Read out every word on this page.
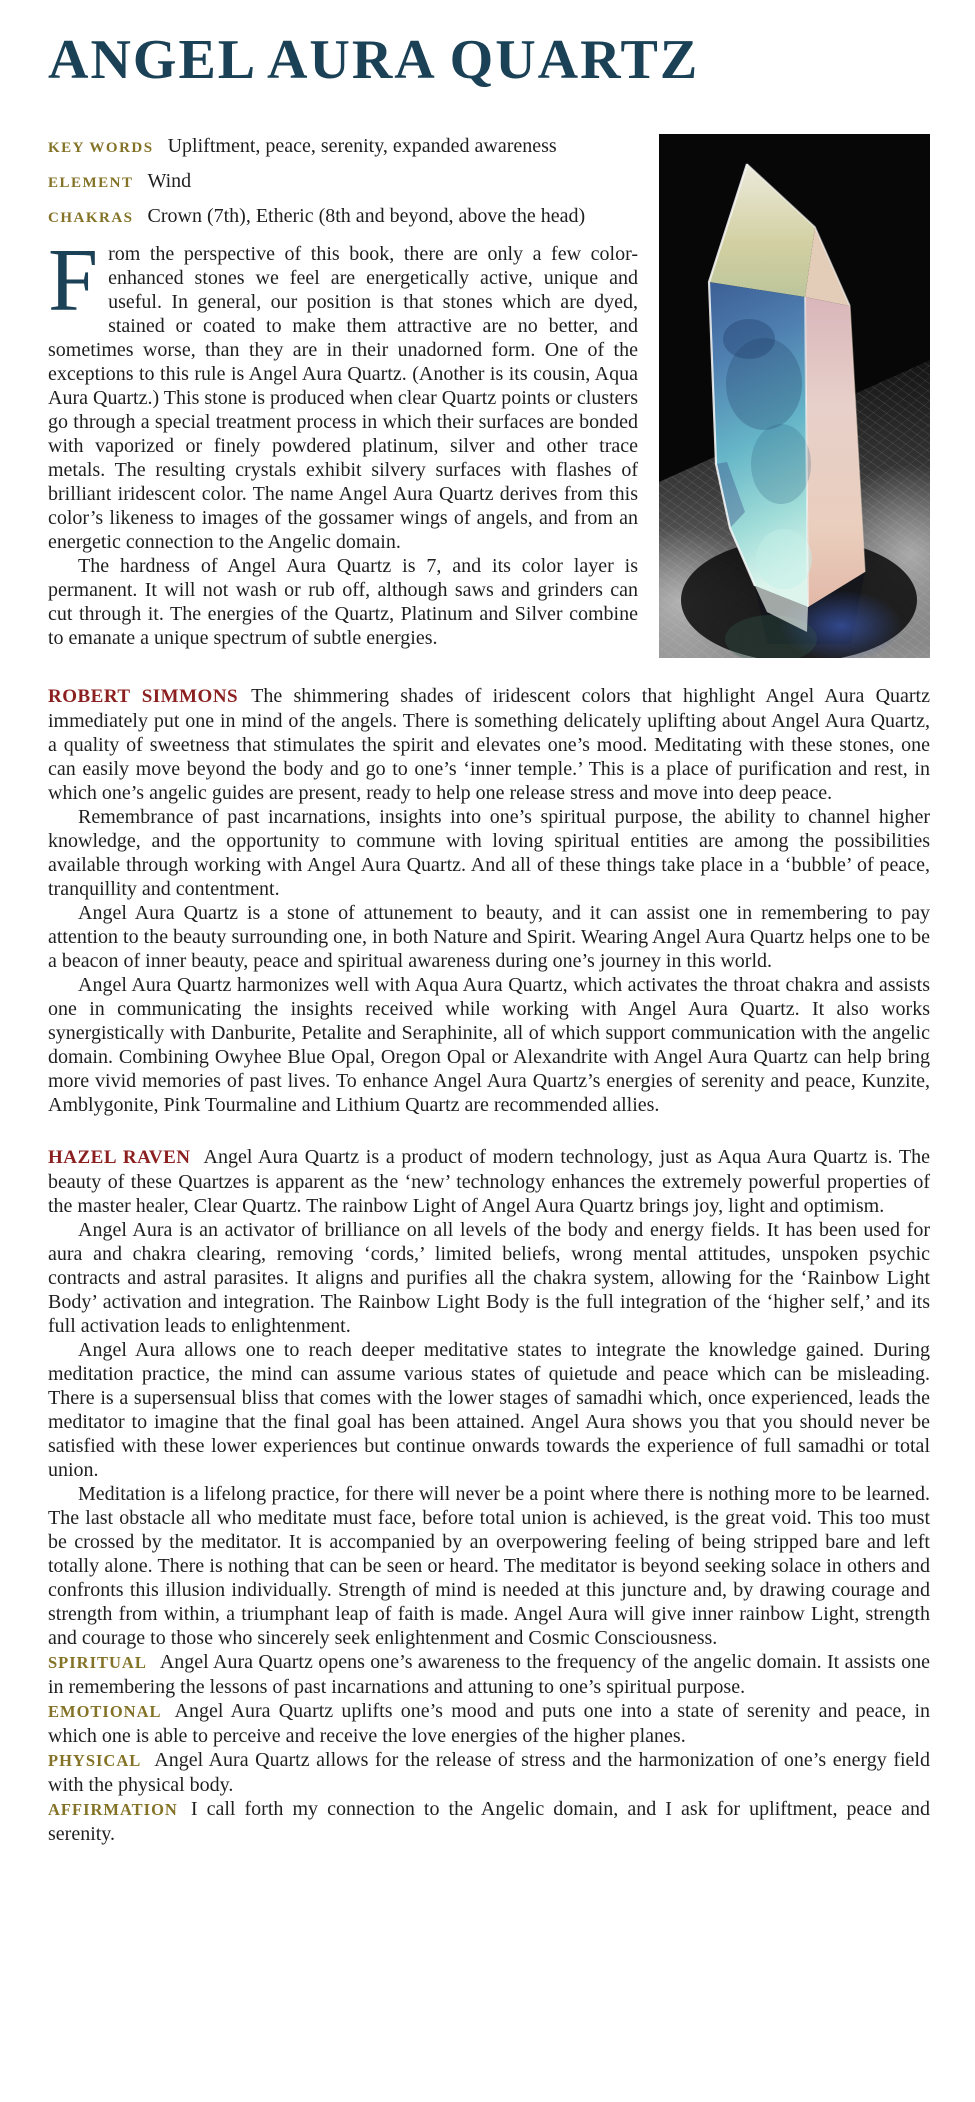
ANGEL AURA QUARTZ
KEY WORDS Upliftment, peace, serenity, expanded awareness
ELEMENT Wind
CHAKRAS Crown (7th), Etheric (8th and beyond, above the head)

From the perspective of this book, there are only a few color-enhanced stones we feel are energetically active, unique and useful. In general, our position is that stones which are dyed, stained or coated to make them attractive are no better, and sometimes worse, than they are in their unadorned form. One of the exceptions to this rule is Angel Aura Quartz. (Another is its cousin, Aqua Aura Quartz.) This stone is produced when clear Quartz points or clusters go through a special treatment process in which their surfaces are bonded with vaporized or finely powdered platinum, silver and other trace metals. The resulting crystals exhibit silvery surfaces with flashes of brilliant iridescent color. The name Angel Aura Quartz derives from this color’s likeness to images of the gossamer wings of angels, and from an energetic connection to the Angelic domain.

The hardness of Angel Aura Quartz is 7, and its color layer is permanent. It will not wash or rub off, although saws and grinders can cut through it. The energies of the Quartz, Platinum and Silver combine to emanate a unique spectrum of subtle energies.

ROBERT SIMMONS The shimmering shades of iridescent colors that highlight Angel Aura Quartz immediately put one in mind of the angels. There is something delicately uplifting about Angel Aura Quartz, a quality of sweetness that stimulates the spirit and elevates one’s mood. Meditating with these stones, one can easily move beyond the body and go to one’s ‘inner temple.’ This is a place of purification and rest, in which one’s angelic guides are present, ready to help one release stress and move into deep peace.

Remembrance of past incarnations, insights into one’s spiritual purpose, the ability to channel higher knowledge, and the opportunity to commune with loving spiritual entities are among the possibilities available through working with Angel Aura Quartz. And all of these things take place in a ‘bubble’ of peace, tranquillity and contentment.

Angel Aura Quartz is a stone of attunement to beauty, and it can assist one in remembering to pay attention to the beauty surrounding one, in both Nature and Spirit. Wearing Angel Aura Quartz helps one to be a beacon of inner beauty, peace and spiritual awareness during one’s journey in this world.

Angel Aura Quartz harmonizes well with Aqua Aura Quartz, which activates the throat chakra and assists one in communicating the insights received while working with Angel Aura Quartz. It also works synergistically with Danburite, Petalite and Seraphinite, all of which support communication with the angelic domain. Combining Owyhee Blue Opal, Oregon Opal or Alexandrite with Angel Aura Quartz can help bring more vivid memories of past lives. To enhance Angel Aura Quartz’s energies of serenity and peace, Kunzite, Amblygonite, Pink Tourmaline and Lithium Quartz are recommended allies.

HAZEL RAVEN Angel Aura Quartz is a product of modern technology, just as Aqua Aura Quartz is. The beauty of these Quartzes is apparent as the ‘new’ technology enhances the extremely powerful properties of the master healer, Clear Quartz. The rainbow Light of Angel Aura Quartz brings joy, light and optimism.

Angel Aura is an activator of brilliance on all levels of the body and energy fields. It has been used for aura and chakra clearing, removing ‘cords,’ limited beliefs, wrong mental attitudes, unspoken psychic contracts and astral parasites. It aligns and purifies all the chakra system, allowing for the ‘Rainbow Light Body’ activation and integration. The Rainbow Light Body is the full integration of the ‘higher self,’ and its full activation leads to enlightenment.

Angel Aura allows one to reach deeper meditative states to integrate the knowledge gained. During meditation practice, the mind can assume various states of quietude and peace which can be misleading. There is a supersensual bliss that comes with the lower stages of samadhi which, once experienced, leads the meditator to imagine that the final goal has been attained. Angel Aura shows you that you should never be satisfied with these lower experiences but continue onwards towards the experience of full samadhi or total union.

Meditation is a lifelong practice, for there will never be a point where there is nothing more to be learned. The last obstacle all who meditate must face, before total union is achieved, is the great void. This too must be crossed by the meditator. It is accompanied by an overpowering feeling of being stripped bare and left totally alone. There is nothing that can be seen or heard. The meditator is beyond seeking solace in others and confronts this illusion individually. Strength of mind is needed at this juncture and, by drawing courage and strength from within, a triumphant leap of faith is made. Angel Aura will give inner rainbow Light, strength and courage to those who sincerely seek enlightenment and Cosmic Consciousness.

SPIRITUAL Angel Aura Quartz opens one’s awareness to the frequency of the angelic domain. It assists one in remembering the lessons of past incarnations and attuning to one’s spiritual purpose.

EMOTIONAL Angel Aura Quartz uplifts one’s mood and puts one into a state of serenity and peace, in which one is able to perceive and receive the love energies of the higher planes.

PHYSICAL Angel Aura Quartz allows for the release of stress and the harmonization of one’s energy field with the physical body.

AFFIRMATION I call forth my connection to the Angelic domain, and I ask for upliftment, peace and serenity.
